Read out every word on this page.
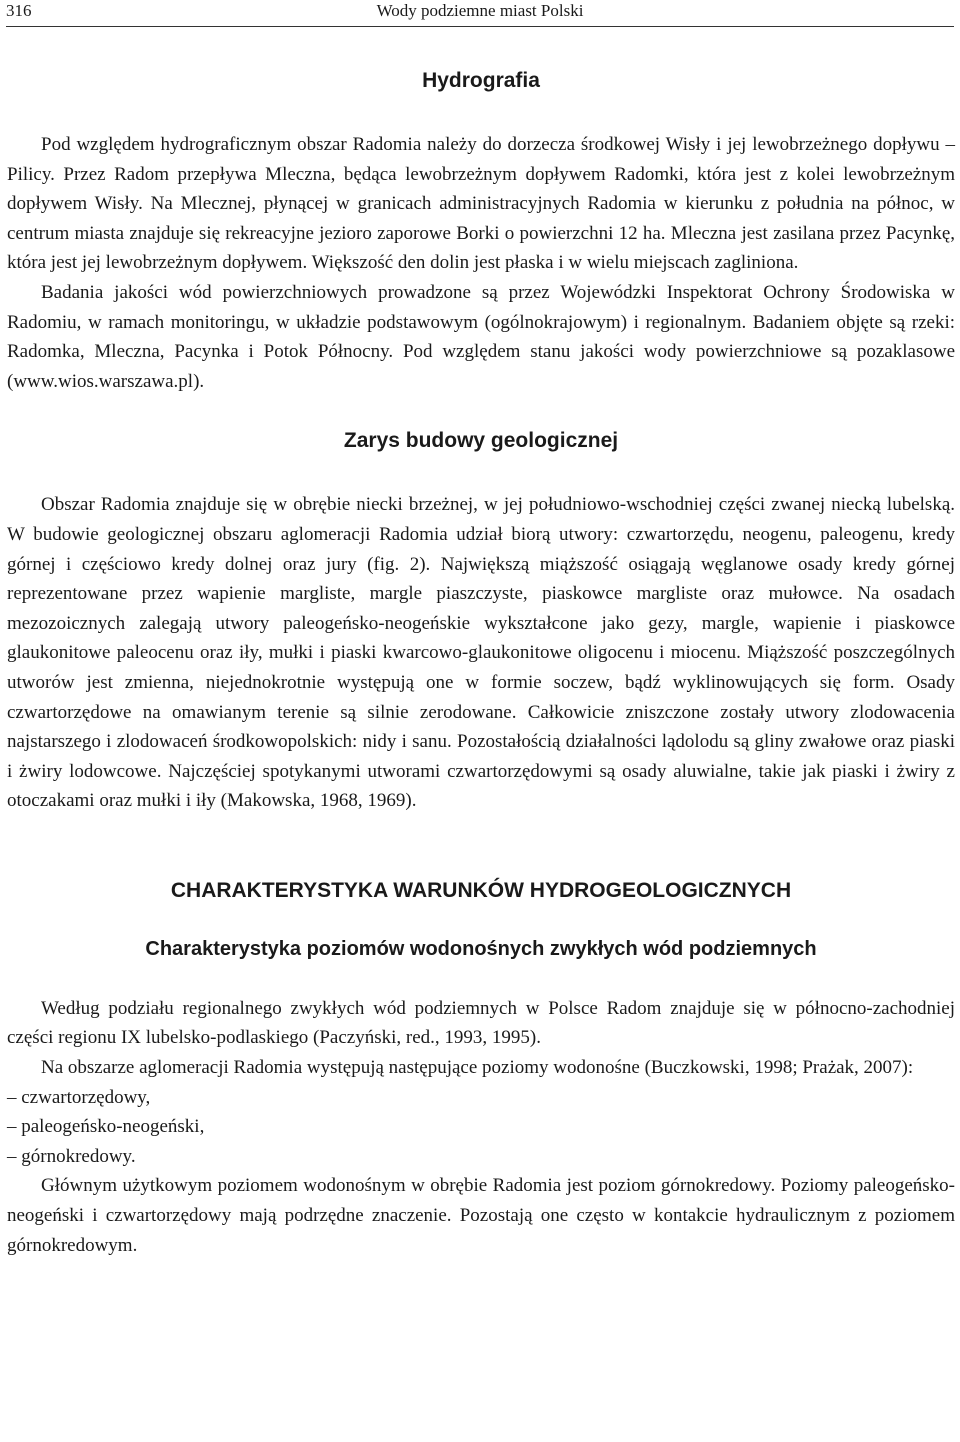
316	Wody podziemne miast Polski
Hydrografia

Pod względem hydrograficznym obszar Radomia należy do dorzecza środkowej Wisły i jej lewobrzeżnego dopływu – Pilicy. Przez Radom przepływa Mleczna, będąca lewobrzeżnym dopływem Radomki, która jest z kolei lewobrzeżnym dopływem Wisły. Na Mlecznej, płynącej w granicach administracyjnych Radomia w kierunku z południa na północ, w centrum miasta znajduje się rekreacyjne jezioro zaporowe Borki o powierzchni 12 ha. Mleczna jest zasilana przez Pacynkę, która jest jej lewobrzeżnym dopływem. Większość den dolin jest płaska i w wielu miejscach zagliniona.

Badania jakości wód powierzchniowych prowadzone są przez Wojewódzki Inspektorat Ochrony Środowiska w Radomiu, w ramach monitoringu, w układzie podstawowym (ogólnokrajowym) i regionalnym. Badaniem objęte są rzeki: Radomka, Mleczna, Pacynka i Potok Północny. Pod względem stanu jakości wody powierzchniowe są pozaklasowe (www.wios.warszawa.pl).

Zarys budowy geologicznej

Obszar Radomia znajduje się w obrębie niecki brzeżnej, w jej południowo-wschodniej części zwanej niecką lubelską. W budowie geologicznej obszaru aglomeracji Radomia udział biorą utwory: czwartorzędu, neogenu, paleogenu, kredy górnej i częściowo kredy dolnej oraz jury (fig. 2). Największą miąższość osiągają węglanowe osady kredy górnej reprezentowane przez wapienie margliste, margle piaszczyste, piaskowce margliste oraz mułowce. Na osadach mezozoicznych zalegają utwory paleogeńsko-neogeńskie wykształcone jako gezy, margle, wapienie i piaskowce glaukonitowe paleocenu oraz iły, mułki i piaski kwarcowo-glaukonitowe oligocenu i miocenu. Miąższość poszczególnych utworów jest zmienna, niejednokrotnie występują one w formie soczew, bądź wyklinowujących się form. Osady czwartorzędowe na omawianym terenie są silnie zerodowane. Całkowicie zniszczone zostały utwory zlodowacenia najstarszego i zlodowaceń środkowopolskich: nidy i sanu. Pozostałością działalności lądolodu są gliny zwałowe oraz piaski i żwiry lodowcowe. Najczęściej spotykanymi utworami czwartorzędowymi są osady aluwialne, takie jak piaski i żwiry z otoczakami oraz mułki i iły (Makowska, 1968, 1969).

CHARAKTERYSTYKA WARUNKÓW HYDROGEOLOGICZNYCH
Charakterystyka poziomów wodonośnych zwykłych wód podziemnych

Według podziału regionalnego zwykłych wód podziemnych w Polsce Radom znajduje się w północno-zachodniej części regionu IX lubelsko-podlaskiego (Paczyński, red., 1993, 1995).

Na obszarze aglomeracji Radomia występują następujące poziomy wodonośne (Buczkowski, 1998; Prażak, 2007):

– czwartorzędowy,
– paleogeńsko-neogeński,
– górnokredowy.

Głównym użytkowym poziomem wodonośnym w obrębie Radomia jest poziom górnokredowy. Poziomy paleogeńsko-neogeński i czwartorzędowy mają podrzędne znaczenie. Pozostają one często w kontakcie hydraulicznym z poziomem górnokredowym.
